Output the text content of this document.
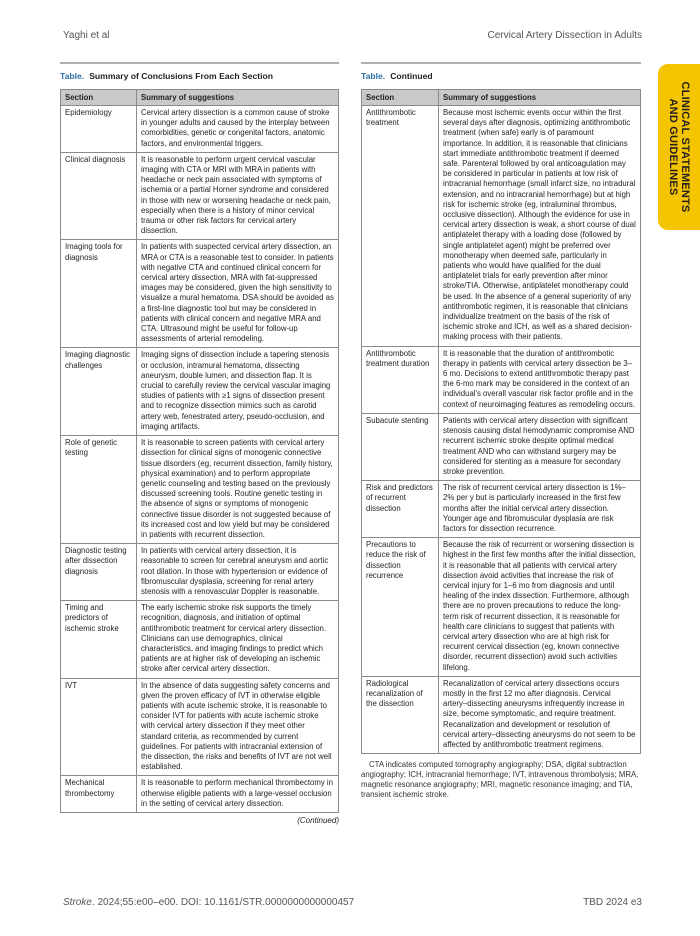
Yaghi et al	Cervical Artery Dissection in Adults
CLINICAL STATEMENTS
AND GUIDELINES
Table. Summary of Conclusions From Each Section
Section	Summary of suggestions
Epidemiology	Cervical artery dissection is a common cause of stroke in younger adults and caused by the interplay between comorbidities, genetic or congenital factors, anatomic factors, and environmental triggers.
Clinical diagnosis	It is reasonable to perform urgent cervical vascular imaging with CTA or MRI with MRA in patients with headache or neck pain associated with symptoms of ischemia or a partial Horner syndrome and considered in those with new or worsening headache or neck pain, especially when there is a history of minor cervical trauma or other risk factors for cervical artery dissection.
Imaging tools for diagnosis	In patients with suspected cervical artery dissection, an MRA or CTA is a reasonable test to consider. In patients with negative CTA and continued clinical concern for cervical artery dissection, MRA with fat-suppressed images may be considered, given the high sensitivity to visualize a mural hematoma. DSA should be avoided as a first-line diagnostic tool but may be considered in patients with clinical concern and negative MRA and CTA. Ultrasound might be useful for follow-up assessments of arterial remodeling.
Imaging diagnostic challenges	Imaging signs of dissection include a tapering stenosis or occlusion, intramural hematoma, dissecting aneurysm, double lumen, and dissection flap. It is crucial to carefully review the cervical vascular imaging studies of patients with ≥1 signs of dissection present and to recognize dissection mimics such as carotid artery web, fenestrated artery, pseudo-occlusion, and imaging artifacts.
Role of genetic testing	It is reasonable to screen patients with cervical artery dissection for clinical signs of monogenic connective tissue disorders (eg, recurrent dissection, family history, physical examination) and to perform appropriate genetic counseling and testing based on the previously discussed screening tools. Routine genetic testing in the absence of signs or symptoms of monogenic connective tissue disorder is not suggested because of its increased cost and low yield but may be considered in patients with recurrent dissection.
Diagnostic testing after dissection diagnosis	In patients with cervical artery dissection, it is reasonable to screen for cerebral aneurysm and aortic root dilation. In those with hypertension or evidence of fibromuscular dysplasia, screening for renal artery stenosis with a renovascular Doppler is reasonable.
Timing and predictors of ischemic stroke	The early ischemic stroke risk supports the timely recognition, diagnosis, and initiation of optimal antithrombotic treatment for cervical artery dissection. Clinicians can use demographics, clinical characteristics, and imaging findings to predict which patients are at higher risk of developing an ischemic stroke after cervical artery dissection.
IVT	In the absence of data suggesting safety concerns and given the proven efficacy of IVT in otherwise eligible patients with acute ischemic stroke, it is reasonable to consider IVT for patients with acute ischemic stroke with cervical artery dissection if they meet other standard criteria, as recommended by current guidelines. For patients with intracranial extension of the dissection, the risks and benefits of IVT are not well established.
Mechanical thrombectomy	It is reasonable to perform mechanical thrombectomy in otherwise eligible patients with a large-vessel occlusion in the setting of cervical artery dissection.
(Continued)
Table. Continued
Section	Summary of suggestions
Antithrombotic treatment	Because most ischemic events occur within the first several days after diagnosis, optimizing antithrombotic treatment (when safe) early is of paramount importance. In addition, it is reasonable that clinicians start immediate antithrombotic treatment if deemed safe. Parenteral followed by oral anticoagulation may be considered in particular in patients at low risk of intracranial hemorrhage (small infarct size, no intradural extension, and no intracranial hemorrhage) but at high risk for ischemic stroke (eg, intraluminal thrombus, occlusive dissection). Although the evidence for use in cervical artery dissection is weak, a short course of dual antiplatelet therapy with a loading dose (followed by single antiplatelet agent) might be preferred over monotherapy when deemed safe, particularly in patients who would have qualified for the dual antiplatelet trials for early prevention after minor stroke/TIA. Otherwise, antiplatelet monotherapy could be used. In the absence of a general superiority of any antithrombotic regimen, it is reasonable that clinicians individualize treatment on the basis of the risk of ischemic stroke and ICH, as well as a shared decision-making process with their patients.
Antithrombotic treatment duration	It is reasonable that the duration of antithrombotic therapy in patients with cervical artery dissection be 3–6 mo. Decisions to extend antithrombotic therapy past the 6-mo mark may be considered in the context of an individual's overall vascular risk factor profile and in the context of neuroimaging features as remodeling occurs.
Subacute stenting	Patients with cervical artery dissection with significant stenosis causing distal hemodynamic compromise AND recurrent ischemic stroke despite optimal medical treatment AND who can withstand surgery may be considered for stenting as a measure for secondary stroke prevention.
Risk and predictors of recurrent dissection	The risk of recurrent cervical artery dissection is 1%–2% per y but is particularly increased in the first few months after the initial cervical artery dissection. Younger age and fibromuscular dysplasia are risk factors for dissection recurrence.
Precautions to reduce the risk of dissection recurrence	Because the risk of recurrent or worsening dissection is highest in the first few months after the initial dissection, it is reasonable that all patients with cervical artery dissection avoid activities that increase the risk of cervical injury for 1–6 mo from diagnosis and until healing of the index dissection. Furthermore, although there are no proven precautions to reduce the long-term risk of recurrent dissection, it is reasonable for health care clinicians to suggest that patients with cervical artery dissection who are at high risk for recurrent cervical dissection (eg, known connective disorder, recurrent dissection) avoid such activities lifelong.
Radiological recanalization of the dissection	Recanalization of cervical artery dissections occurs mostly in the first 12 mo after diagnosis. Cervical artery–dissecting aneurysms infrequently increase in size, become symptomatic, and require treatment. Recanalization and development or resolution of cervical artery–dissecting aneurysms do not seem to be affected by antithrombotic treatment regimens.
CTA indicates computed tomography angiography; DSA, digital subtraction angiography; ICH, intracranial hemorrhage; IVT, intravenous thrombolysis; MRA, magnetic resonance angiography; MRI, magnetic resonance imaging; and TIA, transient ischemic stroke.
Stroke. 2024;55:e00–e00. DOI: 10.1161/STR.0000000000000457	TBD 2024 e3
